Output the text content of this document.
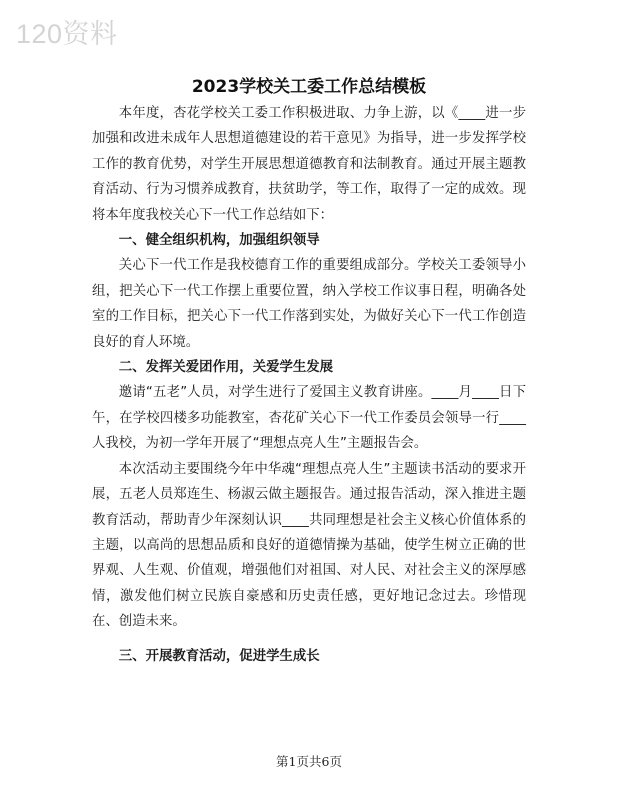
120资料
2023学校关工委工作总结模板

本年度，杏花学校关工委工作积极进取、力争上游，以《____进一步加强和改进未成年人思想道德建设的若干意见》为指导，进一步发挥学校工作的教育优势，对学生开展思想道德教育和法制教育。通过开展主题教育活动、行为习惯养成教育，扶贫助学，等工作，取得了一定的成效。现将本年度我校关心下一代工作总结如下：

一、健全组织机构，加强组织领导

关心下一代工作是我校德育工作的重要组成部分。学校关工委领导小组，把关心下一代工作摆上重要位置，纳入学校工作议事日程，明确各处室的工作目标，把关心下一代工作落到实处，为做好关心下一代工作创造良好的育人环境。

二、发挥关爱团作用，关爱学生发展

邀请“五老”人员，对学生进行了爱国主义教育讲座。____月____日下午，在学校四楼多功能教室，杏花矿关心下一代工作委员会领导一行____人我校，为初一学年开展了“理想点亮人生”主题报告会。

本次活动主要围绕今年中华魂“理想点亮人生”主题读书活动的要求开展，五老人员郑连生、杨淑云做主题报告。通过报告活动，深入推进主题教育活动，帮助青少年深刻认识____共同理想是社会主义核心价值体系的主题，以高尚的思想品质和良好的道德情操为基础，使学生树立正确的世界观、人生观、价值观，增强他们对祖国、对人民、对社会主义的深厚感情，激发他们树立民族自豪感和历史责任感，更好地记念过去。珍惜现在、创造未来。

三、开展教育活动，促进学生成长

第1页共6页
